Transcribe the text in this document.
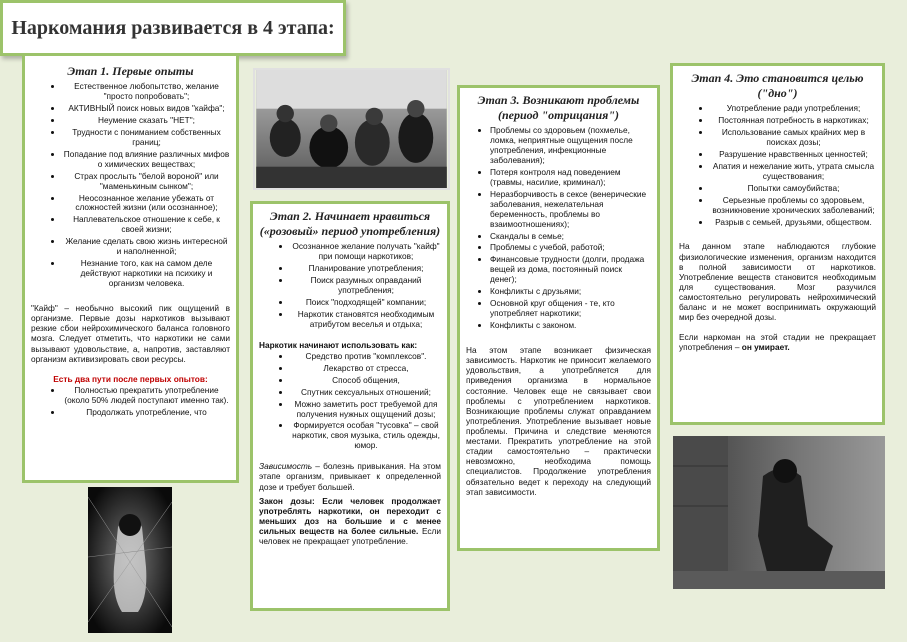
Наркомания развивается в 4 этапа:
Этап 1. Первые опыты
• Естественное любопытство, желание "просто попробовать";
• АКТИВНЫЙ поиск новых видов "кайфа";
• Неумение сказать "НЕТ";
• Трудности с пониманием собственных границ;
• Попадание под влияние различных мифов о химических веществах;
• Страх прослыть "белой вороной" или "маменькиным сынком";
• Неосознанное желание убежать от сложностей жизни (или осознанное);
• Наплевательское отношение к себе, к своей жизни;
• Желание сделать свою жизнь интересной и наполненной;
• Незнание того, как на самом деле действуют наркотики на психику и организм человека.

"Кайф" – необычно высокий пик ощущений в организме. Первые дозы наркотиков вызывают резкие сбои нейрохимического баланса головного мозга. Следует отметить, что наркотики не сами вызывают удовольствие, а, напротив, заставляют организм активизировать свои ресурсы.

Есть два пути после первых опытов:

• Полностью прекратить употребление (около 50% людей поступают именно так).
• Продолжать употребление, что
Этап 2. Начинает нравиться («розовый» период употребления)
• Осознанное желание получать "кайф" при помощи наркотиков;
• Планирование употребления;
• Поиск разумных оправданий употребления;
• Поиск "подходящей" компании;
• Наркотик становятся необходимым атрибутом веселья и отдыха;

Наркотик начинают использовать как:

• Средство против "комплексов".
• Лекарство от стресса,
• Способ общения,
• Спутник сексуальных отношений;
• Можно заметить рост требуемой для получения нужных ощущений дозы;
• Формируется особая "тусовка" – свой наркотик, своя музыка, стиль одежды, юмор.

Зависимость – болезнь привыкания. На этом этапе организм, привыкает к определенной дозе и требует большей.

Закон дозы: Если человек продолжает употреблять наркотики, он переходит с меньших доз на большие и с менее сильных веществ на более сильные. Если человек не прекращает употребление.

Этап 3. Возникают проблемы (период "отрицания")
• Проблемы со здоровьем (похмелье, ломка, неприятные ощущения после употребления, инфекционные заболевания);
• Потеря контроля над поведением (травмы, насилие, криминал);
• Неразборчивость в сексе (венерические заболевания, нежелательная беременность, проблемы во взаимоотношениях);
• Скандалы в семье;
• Проблемы с учебой, работой;
• Финансовые трудности (долги, продажа вещей из дома, постоянный поиск денег);
• Конфликты с друзьями;
• Основной круг общения - те, кто употребляет наркотики;
• Конфликты с законом.

На этом этапе возникает физическая зависимость. Наркотик не приносит желаемого удовольствия, а употребляется для приведения организма в нормальное состояние. Человек еще не связывает свои проблемы с употреблением наркотиков. Возникающие проблемы служат оправданием употребления. Употребление вызывает новые проблемы. Причина и следствие меняются местами. Прекратить употребление на этой стадии самостоятельно – практически невозможно, необходима помощь специалистов. Продолжение употребления обязательно ведет к переходу на следующий этап зависимости.

Этап 4. Это становится целью ("дно")
• Употребление ради употребления;
• Постоянная потребность в наркотиках;
• Использование самых крайних мер в поисках дозы;
• Разрушение нравственных ценностей;
• Апатия и нежелание жить, утрата смысла существования;
• Попытки самоубийства;
• Серьезные проблемы со здоровьем, возникновение хронических заболеваний;
• Разрыв с семьей, друзьями, обществом.

На данном этапе наблюдаются глубокие физиологические изменения, организм находится в полной зависимости от наркотиков. Употребление веществ становится необходимым для существования. Мозг разучился самостоятельно регулировать нейрохимический баланс и не может воспринимать окружающий мир без очередной дозы.

Если наркоман на этой стадии не прекращает употребления – он умирает.
